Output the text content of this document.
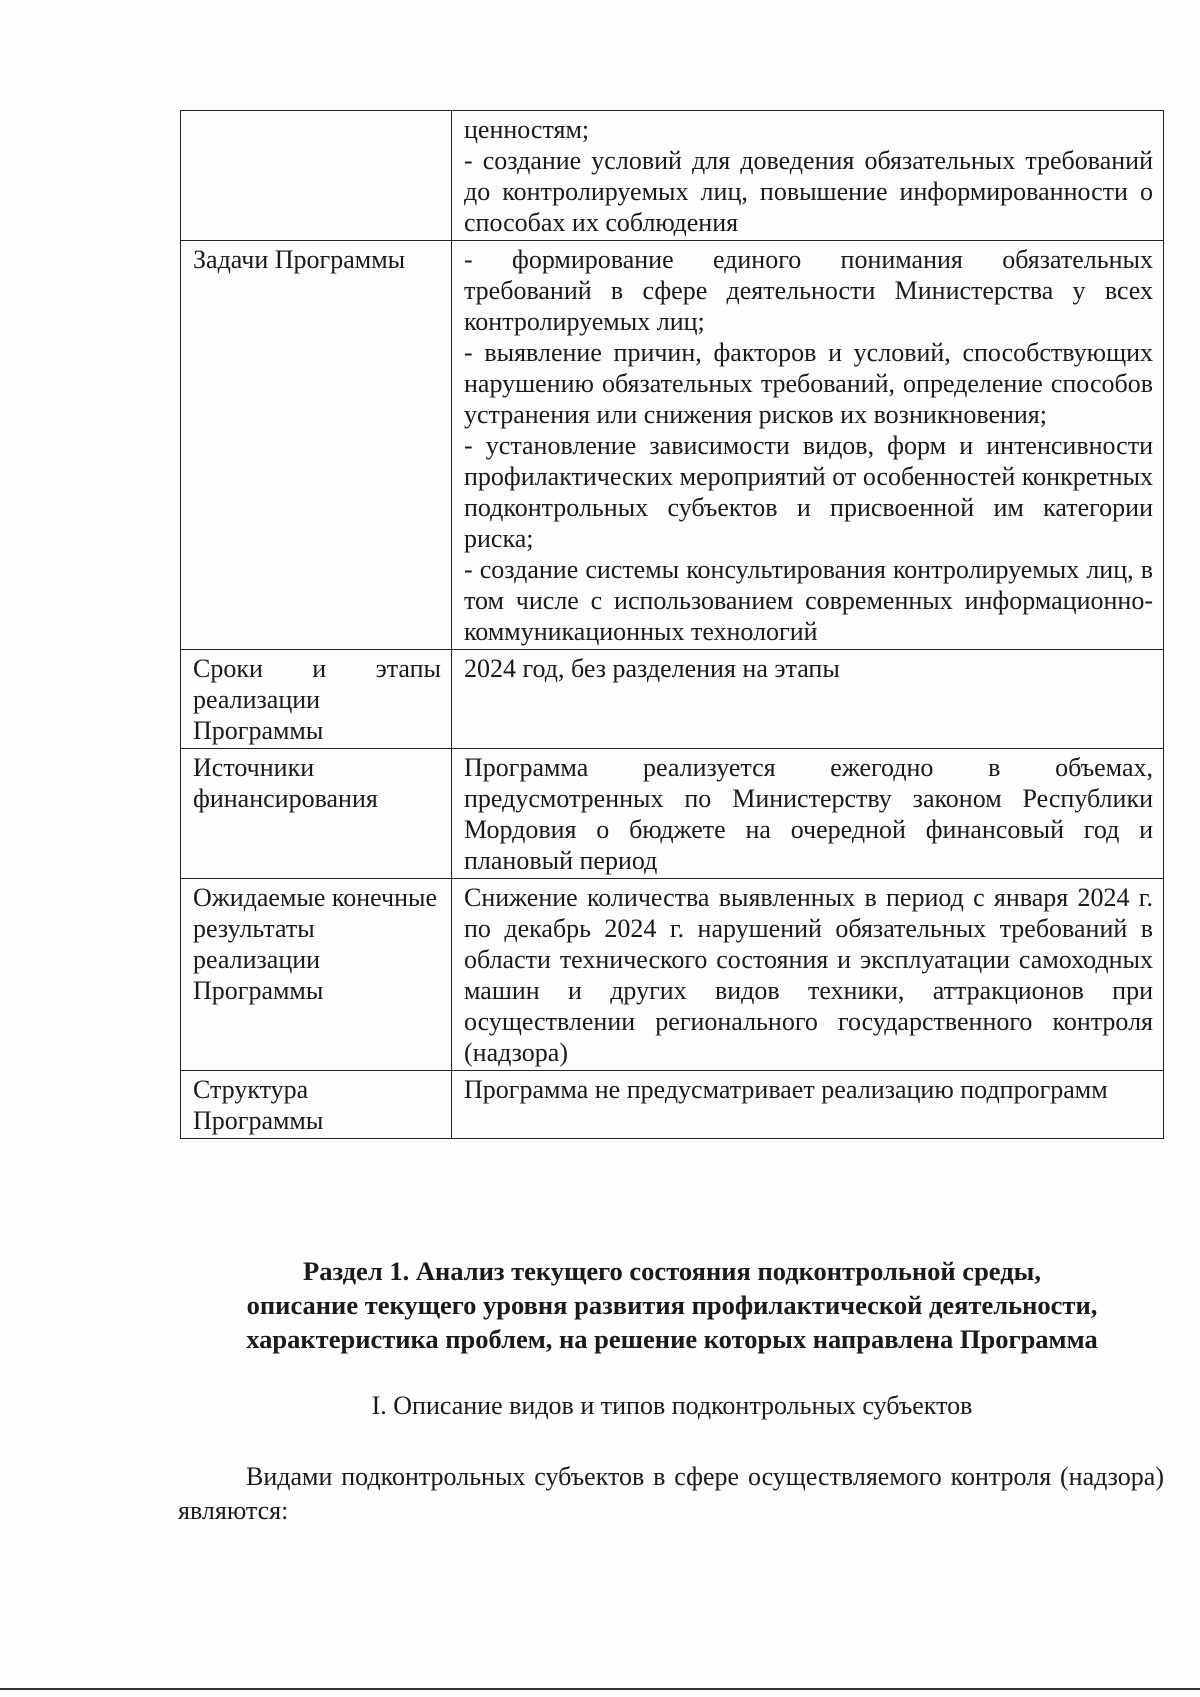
	ценностям;
- создание условий для доведения обязательных требований до контролируемых лиц, повышение информированности о способах их соблюдения

Задачи Программы	- формирование единого понимания обязательных требований в сфере деятельности Министерства у всех контролируемых лиц;
- выявление причин, факторов и условий, способствующих нарушению обязательных требований, определение способов устранения или снижения рисков их возникновения;
- установление зависимости видов, форм и интенсивности профилактических мероприятий от особенностей конкретных подконтрольных субъектов и присвоенной им категории риска;
- создание системы консультирования контролируемых лиц, в том числе с использованием современных информационно-коммуникационных технологий

Сроки и этапы реализации Программы	2024 год, без разделения на этапы

Источники финансирования	Программа реализуется ежегодно в объемах, предусмотренных по Министерству законом Республики Мордовия о бюджете на очередной финансовый год и плановый период

Ожидаемые конечные результаты реализации Программы	Снижение количества выявленных в период с января 2024 г. по декабрь 2024 г. нарушений обязательных требований в области технического состояния и эксплуатации самоходных машин и других видов техники, аттракционов при осуществлении регионального государственного контроля (надзора)

Структура Программы	Программа не предусматривает реализацию подпрограмм
Раздел 1. Анализ текущего состояния подконтрольной среды,
описание текущего уровня развития профилактической деятельности,
характеристика проблем, на решение которых направлена Программа
I. Описание видов и типов подконтрольных субъектов
Видами подконтрольных субъектов в сфере осуществляемого контроля (надзора) являются:
